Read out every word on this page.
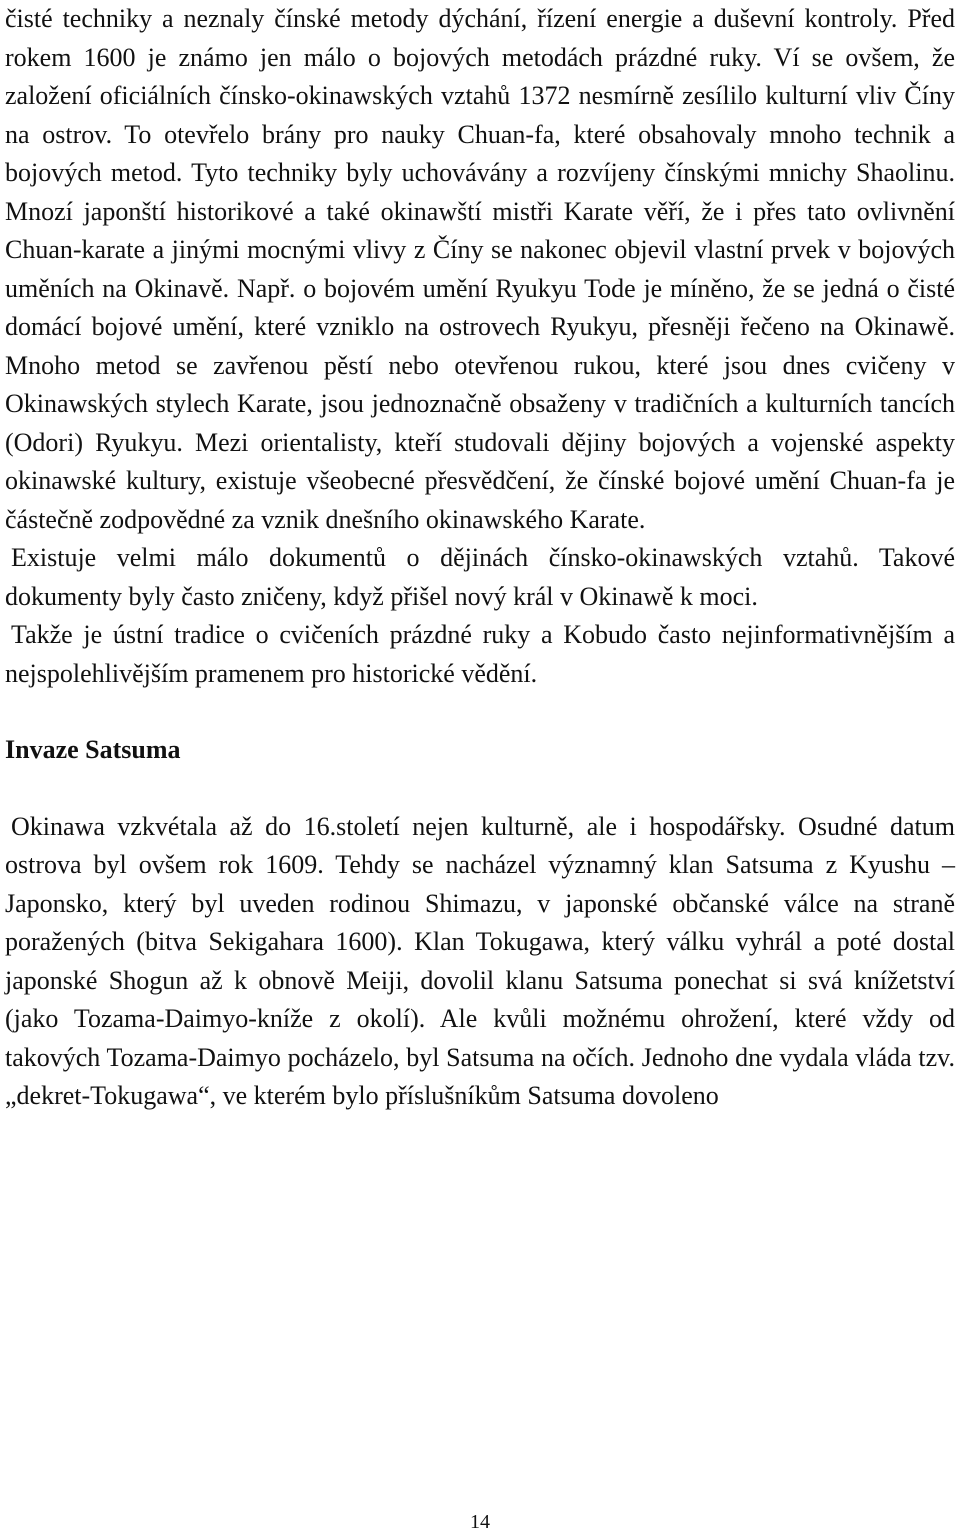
čisté techniky a neznaly čínské metody dýchání, řízení energie a duševní kontroly. Před rokem 1600 je známo jen málo o bojových metodách prázdné ruky. Ví se ovšem, že založení oficiálních čínsko-okinawských vztahů 1372 nesmírně zesílilo kulturní vliv Číny na ostrov. To otevřelo brány pro nauky Chuan-fa, které obsahovaly mnoho technik a bojových metod. Tyto techniky byly uchovávány a rozvíjeny čínskými mnichy Shaolinu. Mnozí japonští historikové a také okinawští mistři Karate věří, že i přes tato ovlivnění Chuan-karate a jinými mocnými vlivy z Číny se nakonec objevil vlastní prvek v bojových uměních na Okinavě. Např. o bojovém umění Ryukyu Tode je míněno, že se jedná o čisté domácí bojové umění, které vzniklo na ostrovech Ryukyu, přesněji řečeno na Okinawě. Mnoho metod se zavřenou pěstí nebo otevřenou rukou, které jsou dnes cvičeny v Okinawských stylech Karate, jsou jednoznačně obsaženy v tradičních a kulturních tancích (Odori) Ryukyu. Mezi orientalisty, kteří studovali dějiny bojových a vojenské aspekty okinawské kultury, existuje všeobecné přesvědčení, že čínské bojové umění Chuan-fa je částečně zodpovědné za vznik dnešního okinawského Karate.

Existuje velmi málo dokumentů o dějinách čínsko-okinawských vztahů. Takové dokumenty byly často zničeny, když přišel nový král v Okinawě k moci.

Takže je ústní tradice o cvičeních prázdné ruky a Kobudo často nejinformativnějším a nejspolehlivějším pramenem pro historické vědění.

Invaze Satsuma

Okinawa vzkvétala až do 16.století nejen kulturně, ale i hospodářsky. Osudné datum ostrova byl ovšem rok 1609. Tehdy se nacházel významný klan Satsuma z Kyushu – Japonsko, který byl uveden rodinou Shimazu, v japonské občanské válce na straně poražených (bitva Sekigahara 1600). Klan Tokugawa, který válku vyhrál a poté dostal japonské Shogun až k obnově Meiji, dovolil klanu Satsuma ponechat si svá knížetství (jako Tozama-Daimyo-kníže z okolí). Ale kvůli možnému ohrožení, které vždy od takových Tozama-Daimyo pocházelo, byl Satsuma na očích. Jednoho dne vydala vláda tzv. „dekret-Tokugawa“, ve kterém bylo příslušníkům Satsuma dovoleno

14
